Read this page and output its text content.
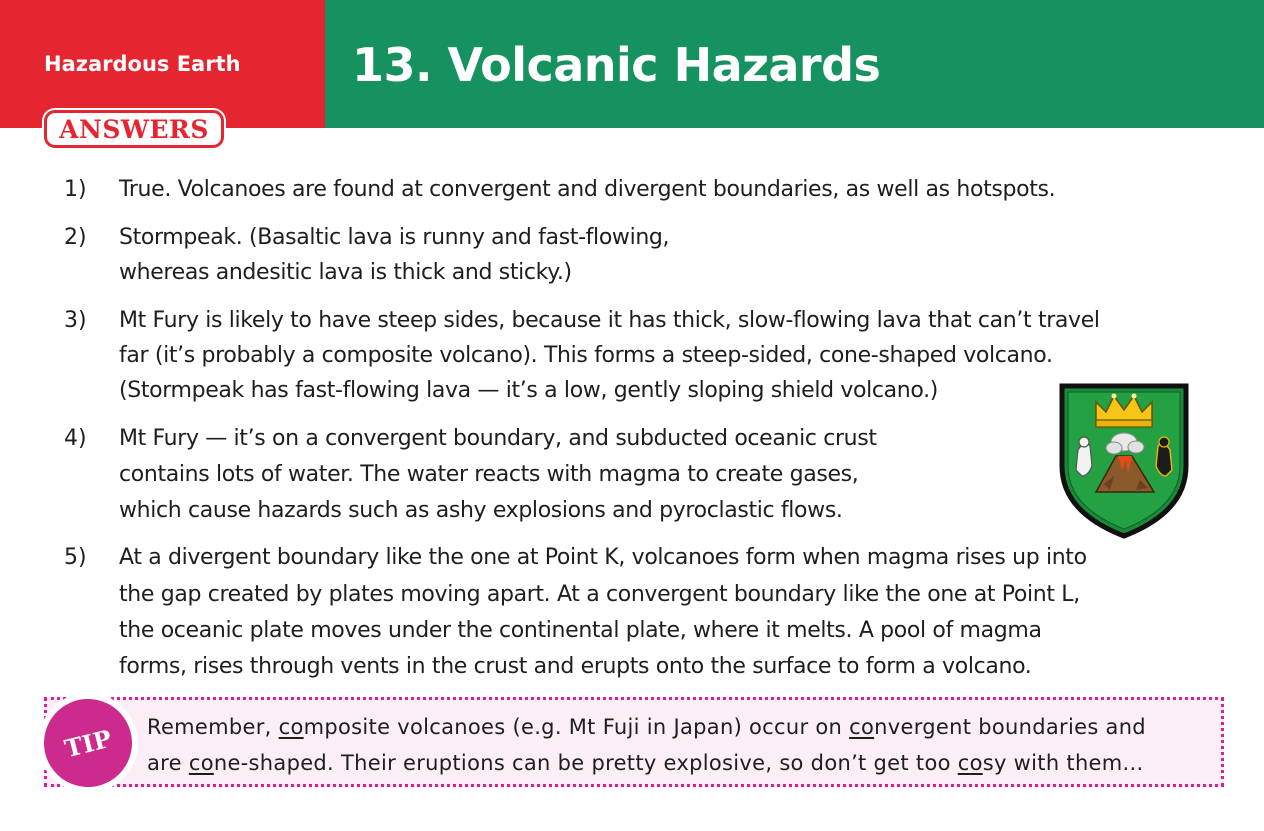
Hazardous Earth 13. Volcanic Hazards
ANSWERS
1) True. Volcanoes are found at convergent and divergent boundaries, as well as hotspots.
2) Stormpeak. (Basaltic lava is runny and fast-flowing,
whereas andesitic lava is thick and sticky.)
3) Mt Fury is likely to have steep sides, because it has thick, slow-flowing lava that can’t travel
far (it’s probably a composite volcano). This forms a steep-sided, cone-shaped volcano.
(Stormpeak has fast-flowing lava — it’s a low, gently sloping shield volcano.)
4) Mt Fury — it’s on a convergent boundary, and subducted oceanic crust
contains lots of water. The water reacts with magma to create gases,
which cause hazards such as ashy explosions and pyroclastic flows.
5) At a divergent boundary like the one at Point K, volcanoes form when magma rises up into
the gap created by plates moving apart. At a convergent boundary like the one at Point L,
the oceanic plate moves under the continental plate, where it melts. A pool of magma
forms, rises through vents in the crust and erupts onto the surface to form a volcano.
TIP Remember, composite volcanoes (e.g. Mt Fuji in Japan) occur on convergent boundaries and
are cone-shaped. Their eruptions can be pretty explosive, so don’t get too cosy with them...
